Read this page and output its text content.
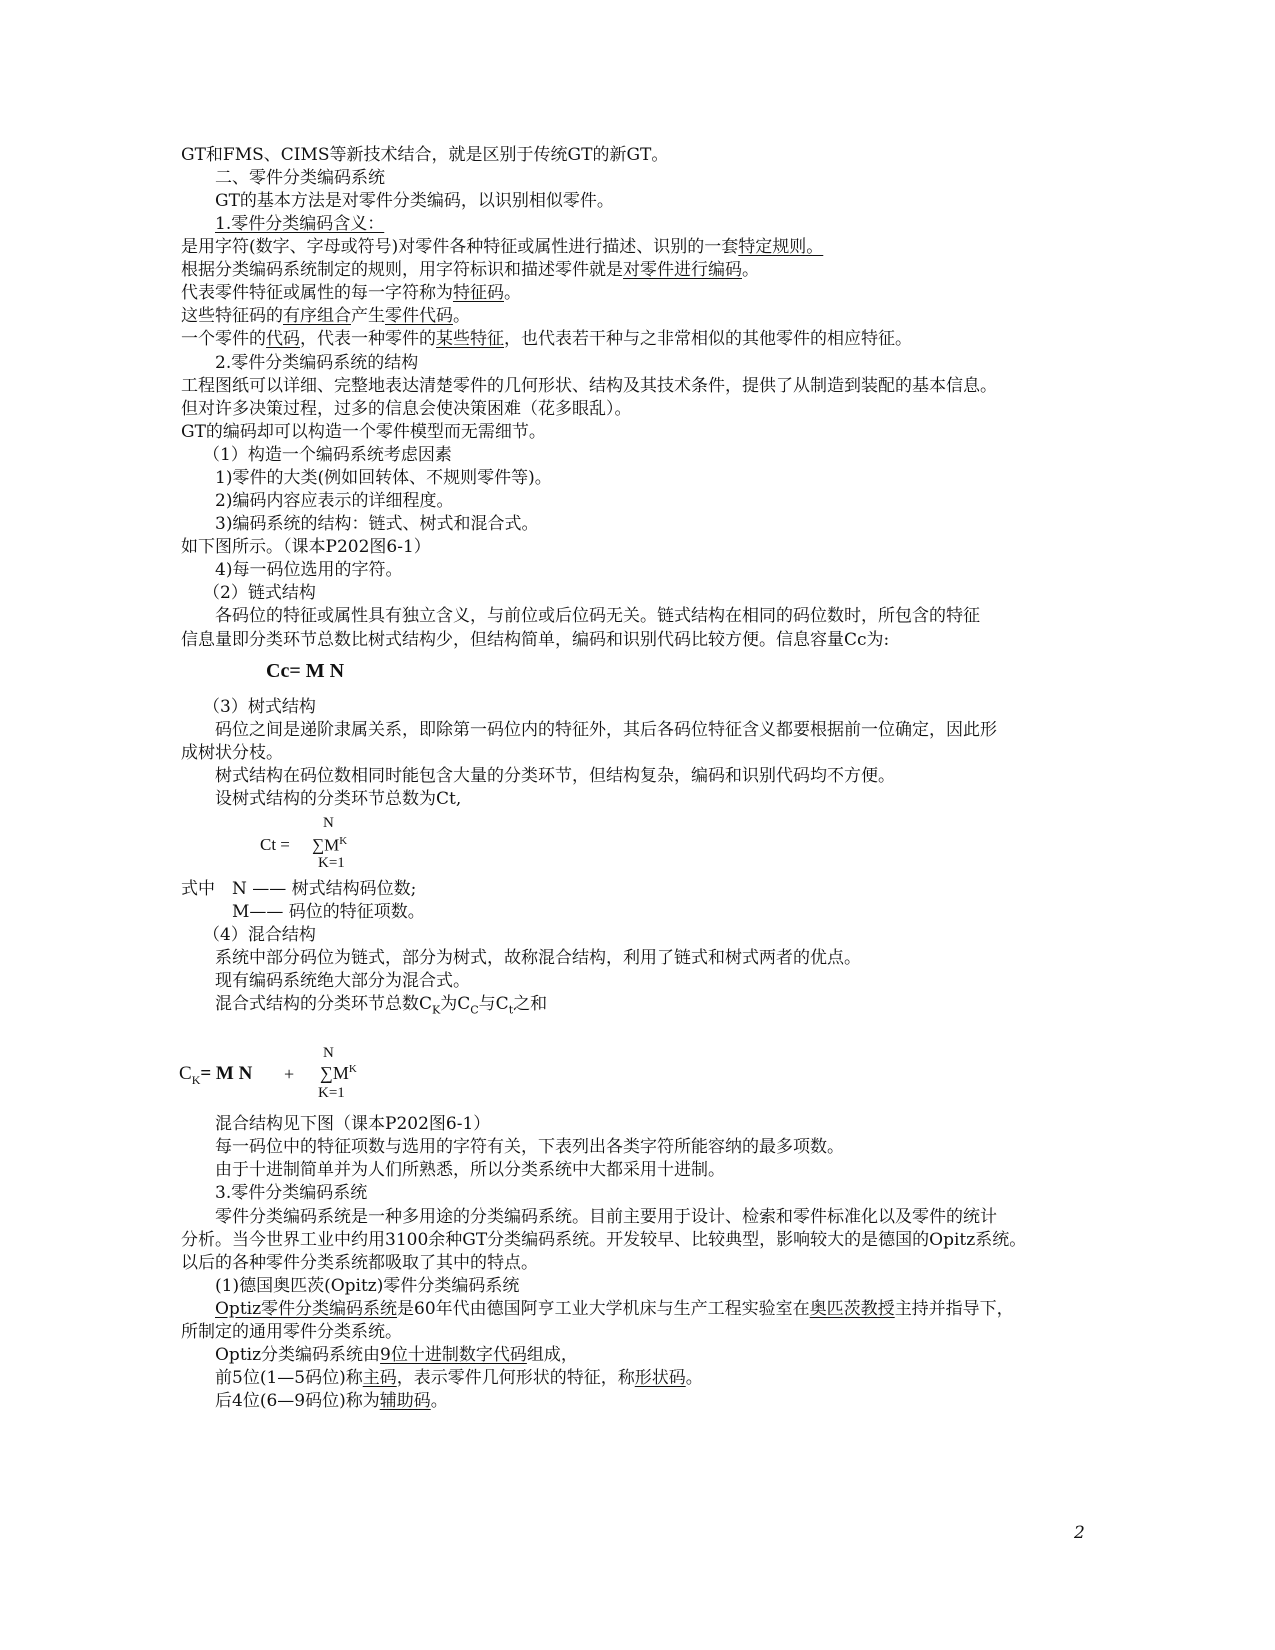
GT和FMS、CIMS等新技术结合，就是区别于传统GT的新GT。
二、零件分类编码系统
GT的基本方法是对零件分类编码，以识别相似零件。
1.零件分类编码含义：
是用字符(数字、字母或符号)对零件各种特征或属性进行描述、识别的一套特定规则。
根据分类编码系统制定的规则，用字符标识和描述零件就是对零件进行编码。
代表零件特征或属性的每一字符称为特征码。
这些特征码的有序组合产生零件代码。
一个零件的代码，代表一种零件的某些特征，也代表若干种与之非常相似的其他零件的相应特征。
2.零件分类编码系统的结构
工程图纸可以详细、完整地表达清楚零件的几何形状、结构及其技术条件，提供了从制造到装配的基本信息。
但对许多决策过程，过多的信息会使决策困难（花多眼乱）。
GT的编码却可以构造一个零件模型而无需细节。
（1）构造一个编码系统考虑因素
1)零件的大类(例如回转体、不规则零件等)。
2)编码内容应表示的详细程度。
3)编码系统的结构：链式、树式和混合式。
如下图所示。（课本P202图6-1）
4)每一码位选用的字符。
（2）链式结构
各码位的特征或属性具有独立含义，与前位或后位码无关。链式结构在相同的码位数时，所包含的特征
信息量即分类环节总数比树式结构少，但结构简单，编码和识别代码比较方便。信息容量Cc为:
Cc= M N
（3）树式结构
码位之间是递阶隶属关系，即除第一码位内的特征外，其后各码位特征含义都要根据前一位确定，因此形
成树状分枝。
树式结构在码位数相同时能包含大量的分类环节，但结构复杂，编码和识别代码均不方便。
设树式结构的分类环节总数为Ct,
N
$Ct = \sum M^K$
K=1
式中 N —— 树式结构码位数;
M—— 码位的特征项数。
（4）混合结构
系统中部分码位为链式，部分为树式，故称混合结构，利用了链式和树式两者的优点。
现有编码系统绝大部分为混合式。
混合式结构的分类环节总数$C_K$为$C_C$与$C_t$之和
N
$C_K= M$ $N + \sum M^K$
K=1
混合结构见下图（课本P202图6-1）
每一码位中的特征项数与选用的字符有关，下表列出各类字符所能容纳的最多项数。
由于十进制简单并为人们所熟悉，所以分类系统中大都采用十进制。
3.零件分类编码系统
零件分类编码系统是一种多用途的分类编码系统。目前主要用于设计、检索和零件标准化以及零件的统计
分析。当今世界工业中约用3100余种GT分类编码系统。开发较早、比较典型，影响较大的是德国的Opitz系统。
以后的各种零件分类系统都吸取了其中的特点。
(1)德国奥匹茨(Opitz)零件分类编码系统
Optiz零件分类编码系统是60年代由德国阿亨工业大学机床与生产工程实验室在奥匹茨教授主持并指导下，
所制定的通用零件分类系统。
Optiz分类编码系统由9位十进制数字代码组成，
前5位(1—5码位)称主码，表示零件几何形状的特征，称形状码。
后4位(6—9码位)称为辅助码。
2
